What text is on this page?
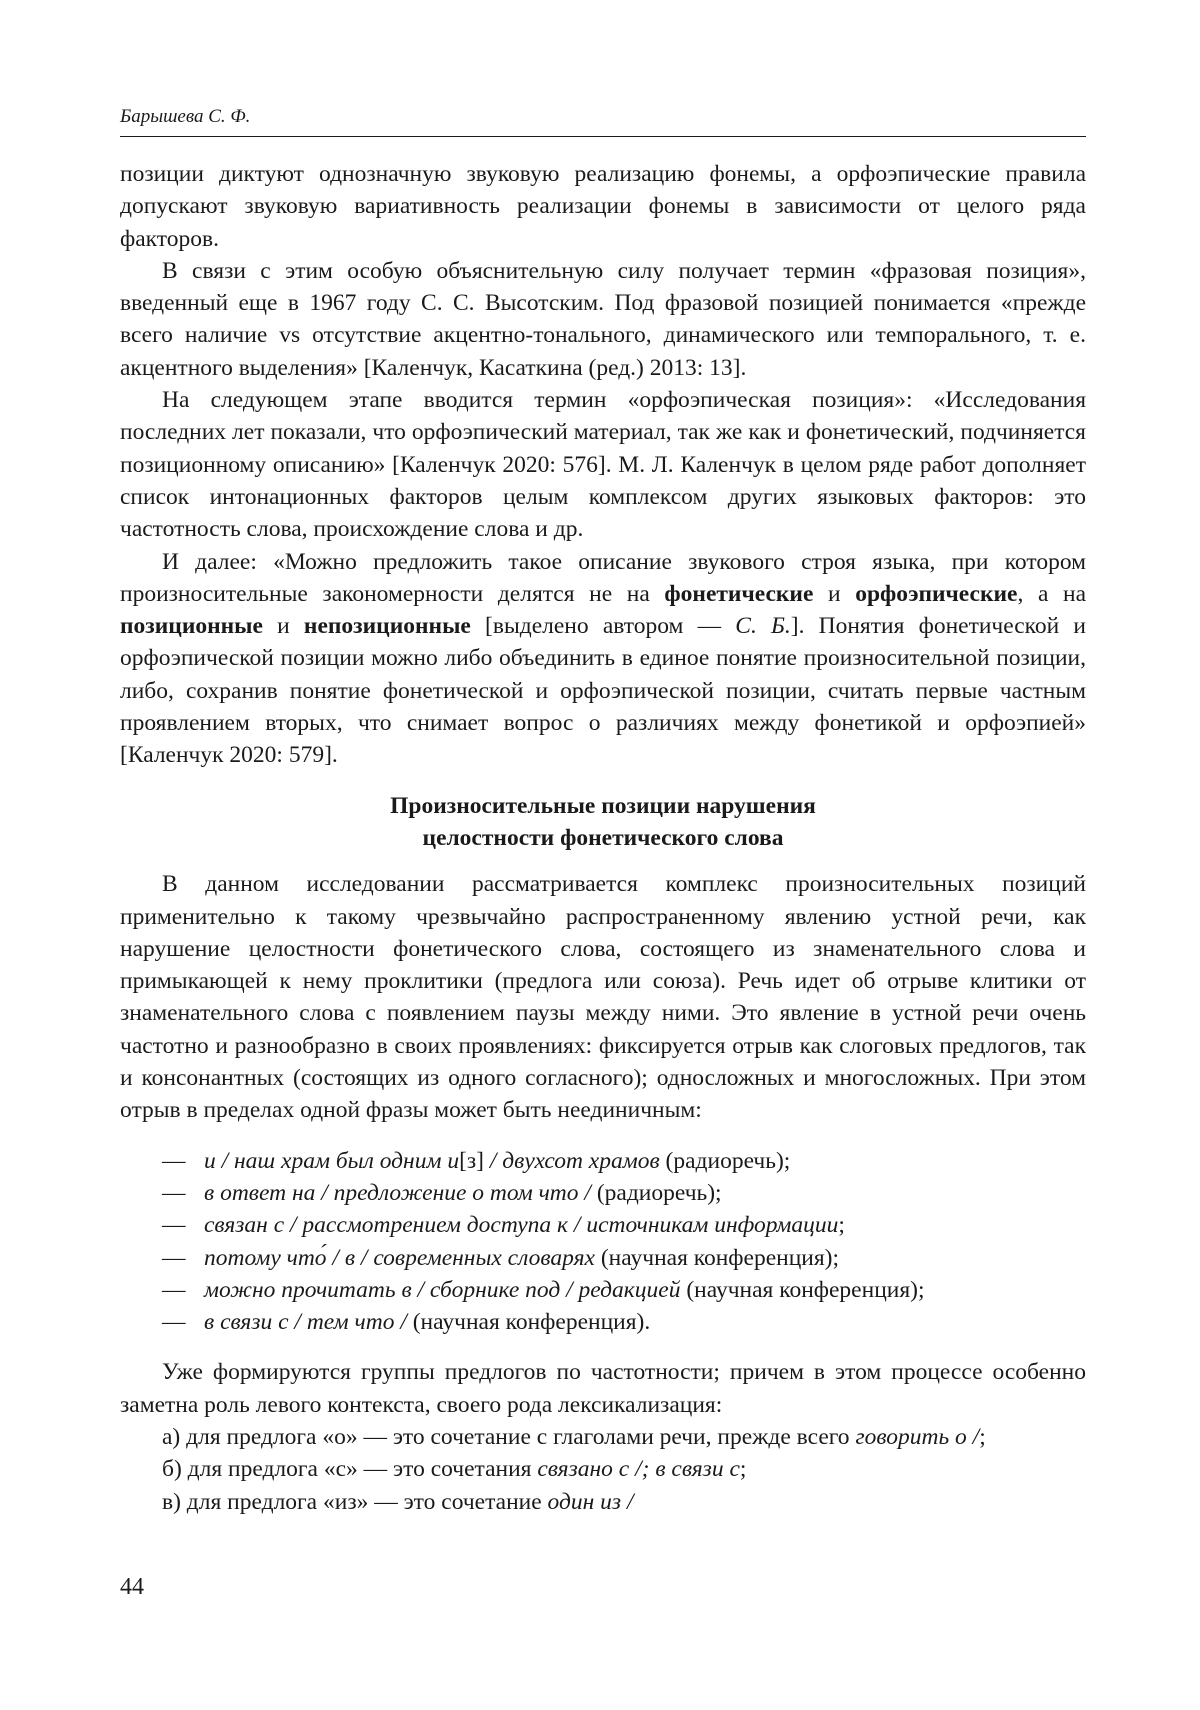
Барышева С. Ф.

позиции диктуют однозначную звуковую реализацию фонемы, а орфоэпические правила допускают звуковую вариативность реализации фонемы в зависимости от целого ряда факторов.

В связи с этим особую объяснительную силу получает термин «фразовая позиция», введенный еще в 1967 году С. С. Высотским. Под фразовой позицией понимается «прежде всего наличие vs отсутствие акцентно-тонального, динамического или темпорального, т. е. акцентного выделения» [Каленчук, Касаткина (ред.) 2013: 13].

На следующем этапе вводится термин «орфоэпическая позиция»: «Исследования последних лет показали, что орфоэпический материал, так же как и фонетический, подчиняется позиционному описанию» [Каленчук 2020: 576]. М. Л. Каленчук в целом ряде работ дополняет список интонационных факторов целым комплексом других языковых факторов: это частотность слова, происхождение слова и др.

И далее: «Можно предложить такое описание звукового строя языка, при котором произносительные закономерности делятся не на фонетические и орфоэпические, а на позиционные и непозиционные [выделено автором — С. Б.]. Понятия фонетической и орфоэпической позиции можно либо объединить в единое понятие произносительной позиции, либо, сохранив понятие фонетической и орфоэпической позиции, считать первые частным проявлением вторых, что снимает вопрос о различиях между фонетикой и орфоэпией» [Каленчук 2020: 579].

Произносительные позиции нарушения
целостности фонетического слова

В данном исследовании рассматривается комплекс произносительных позиций применительно к такому чрезвычайно распространенному явлению устной речи, как нарушение целостности фонетического слова, состоящего из знаменательного слова и примыкающей к нему проклитики (предлога или союза). Речь идет об отрыве клитики от знаменательного слова с появлением паузы между ними. Это явление в устной речи очень частотно и разнообразно в своих проявлениях: фиксируется отрыв как слоговых предлогов, так и консонантных (состоящих из одного согласного); односложных и многосложных. При этом отрыв в пределах одной фразы может быть неединичным:

— и / наш храм был одним и[з] / двухсот храмов (радиоречь);
— в ответ на / предложение о том что / (радиоречь);
— связан с / рассмотрением доступа к / источникам информации;
— потому что́ / в / современных словарях (научная конференция);
— можно прочитать в / сборнике под / редакцией (научная конференция);
— в связи с / тем что / (научная конференция).

Уже формируются группы предлогов по частотности; причем в этом процессе особенно заметна роль левого контекста, своего рода лексикализация:

а) для предлога «о» — это сочетание с глаголами речи, прежде всего говорить о /;

б) для предлога «с» — это сочетания связано с /; в связи с;

в) для предлога «из» — это сочетание один из /

44
